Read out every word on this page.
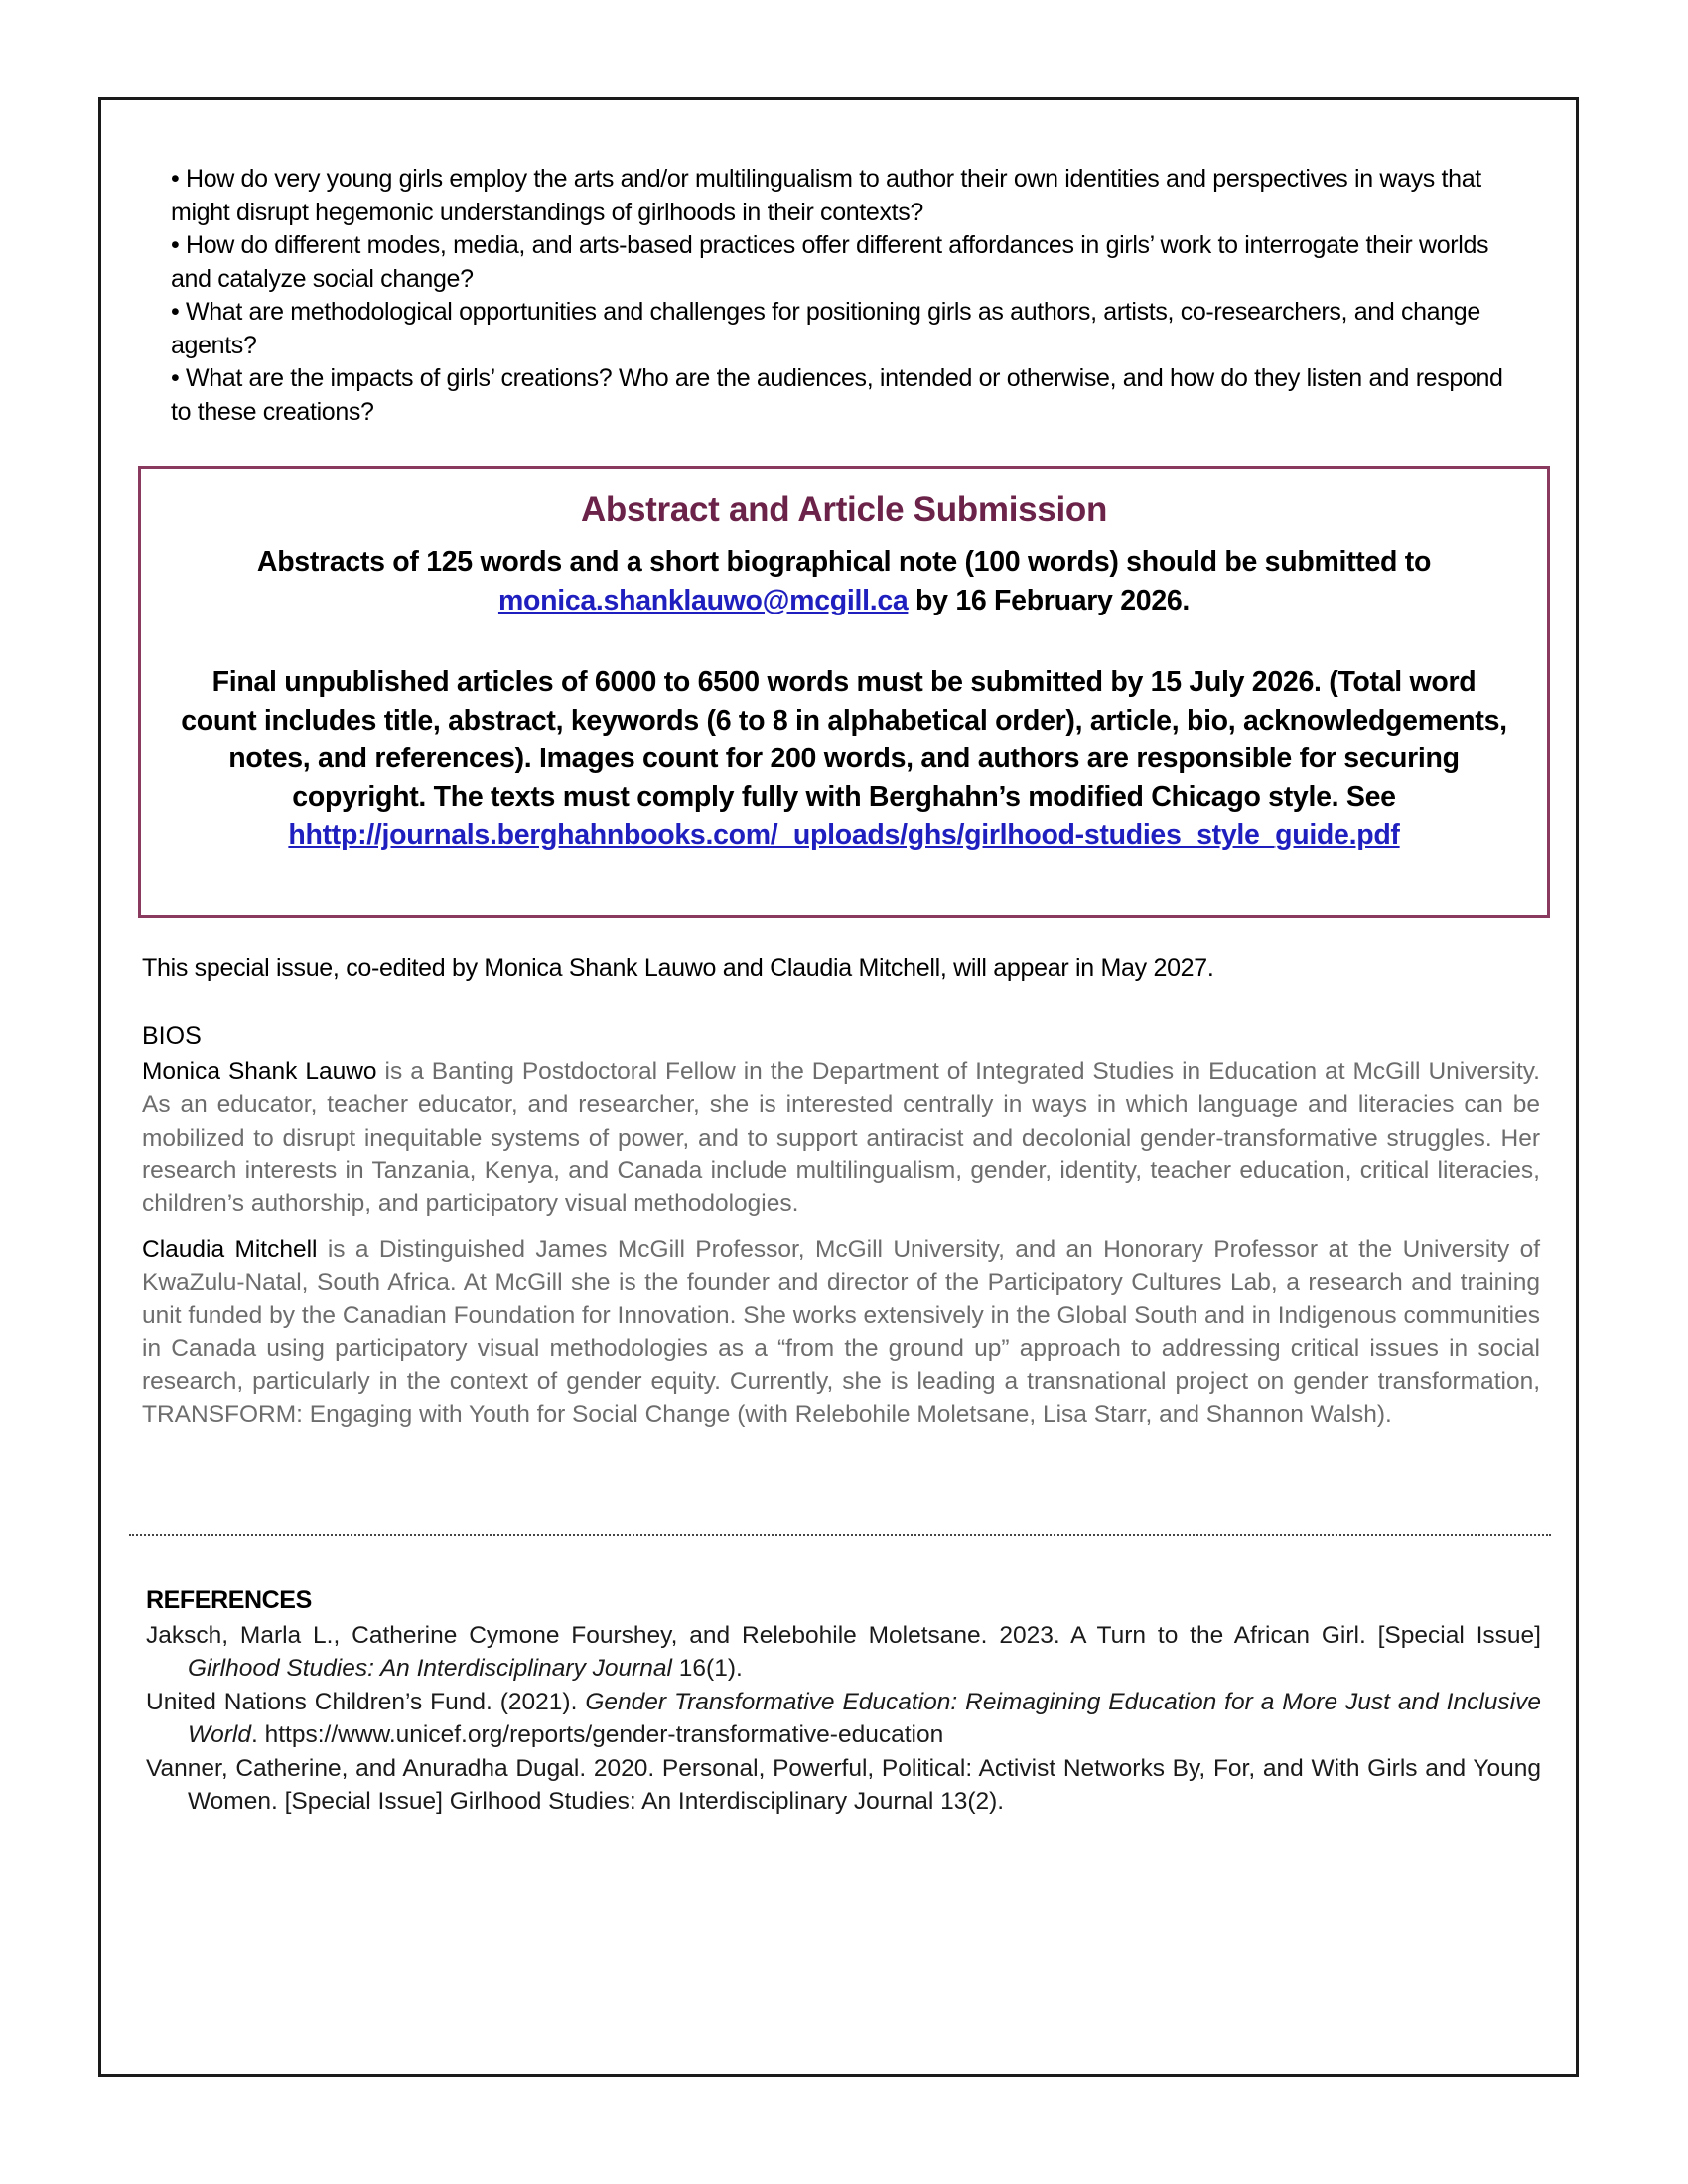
• How do very young girls employ the arts and/or multilingualism to author their own identities and perspectives in ways that might disrupt hegemonic understandings of girlhoods in their contexts?

• How do different modes, media, and arts-based practices offer different affordances in girls’ work to interrogate their worlds and catalyze social change?

• What are methodological opportunities and challenges for positioning girls as authors, artists, co-researchers, and change agents?

• What are the impacts of girls’ creations? Who are the audiences, intended or otherwise, and how do they listen and respond to these creations?

Abstract and Article Submission
Abstracts of 125 words and a short biographical note (100 words) should be submitted to
monica.shanklauwo@mcgill.ca by 16 February 2026.
Final unpublished articles of 6000 to 6500 words must be submitted by 15 July 2026. (Total word count includes title, abstract, keywords (6 to 8 in alphabetical order), article, bio, acknowledgements, notes, and references). Images count for 200 words, and authors are responsible for securing copyright. The texts must comply fully with Berghahn’s modified Chicago style. See hhttp://journals.berghahnbooks.com/_uploads/ghs/girlhood-studies_style_guide.pdf
This special issue, co-edited by Monica Shank Lauwo and Claudia Mitchell, will appear in May 2027.
BIOS

Monica Shank Lauwo is a Banting Postdoctoral Fellow in the Department of Integrated Studies in Education at McGill University. As an educator, teacher educator, and researcher, she is interested centrally in ways in which language and literacies can be mobilized to disrupt inequitable systems of power, and to support antiracist and decolonial gender-transformative struggles. Her research interests in Tanzania, Kenya, and Canada include multilingualism, gender, identity, teacher education, critical literacies, children’s authorship, and participatory visual methodologies.

Claudia Mitchell is a Distinguished James McGill Professor, McGill University, and an Honorary Professor at the University of KwaZulu-Natal, South Africa. At McGill she is the founder and director of the Participatory Cultures Lab, a research and training unit funded by the Canadian Foundation for Innovation. She works extensively in the Global South and in Indigenous communities in Canada using participatory visual methodologies as a “from the ground up” approach to addressing critical issues in social research, particularly in the context of gender equity. Currently, she is leading a transnational project on gender transformation, TRANSFORM: Engaging with Youth for Social Change (with Relebohile Moletsane, Lisa Starr, and Shannon Walsh).

REFERENCES

Jaksch, Marla L., Catherine Cymone Fourshey, and Relebohile Moletsane. 2023. A Turn to the African Girl. [Special Issue] Girlhood Studies: An Interdisciplinary Journal 16(1).

United Nations Children’s Fund. (2021). Gender Transformative Education: Reimagining Education for a More Just and Inclusive World. https://www.unicef.org/reports/gender-transformative-education

Vanner, Catherine, and Anuradha Dugal. 2020. Personal, Powerful, Political: Activist Networks By, For, and With Girls and Young Women. [Special Issue] Girlhood Studies: An Interdisciplinary Journal 13(2).
